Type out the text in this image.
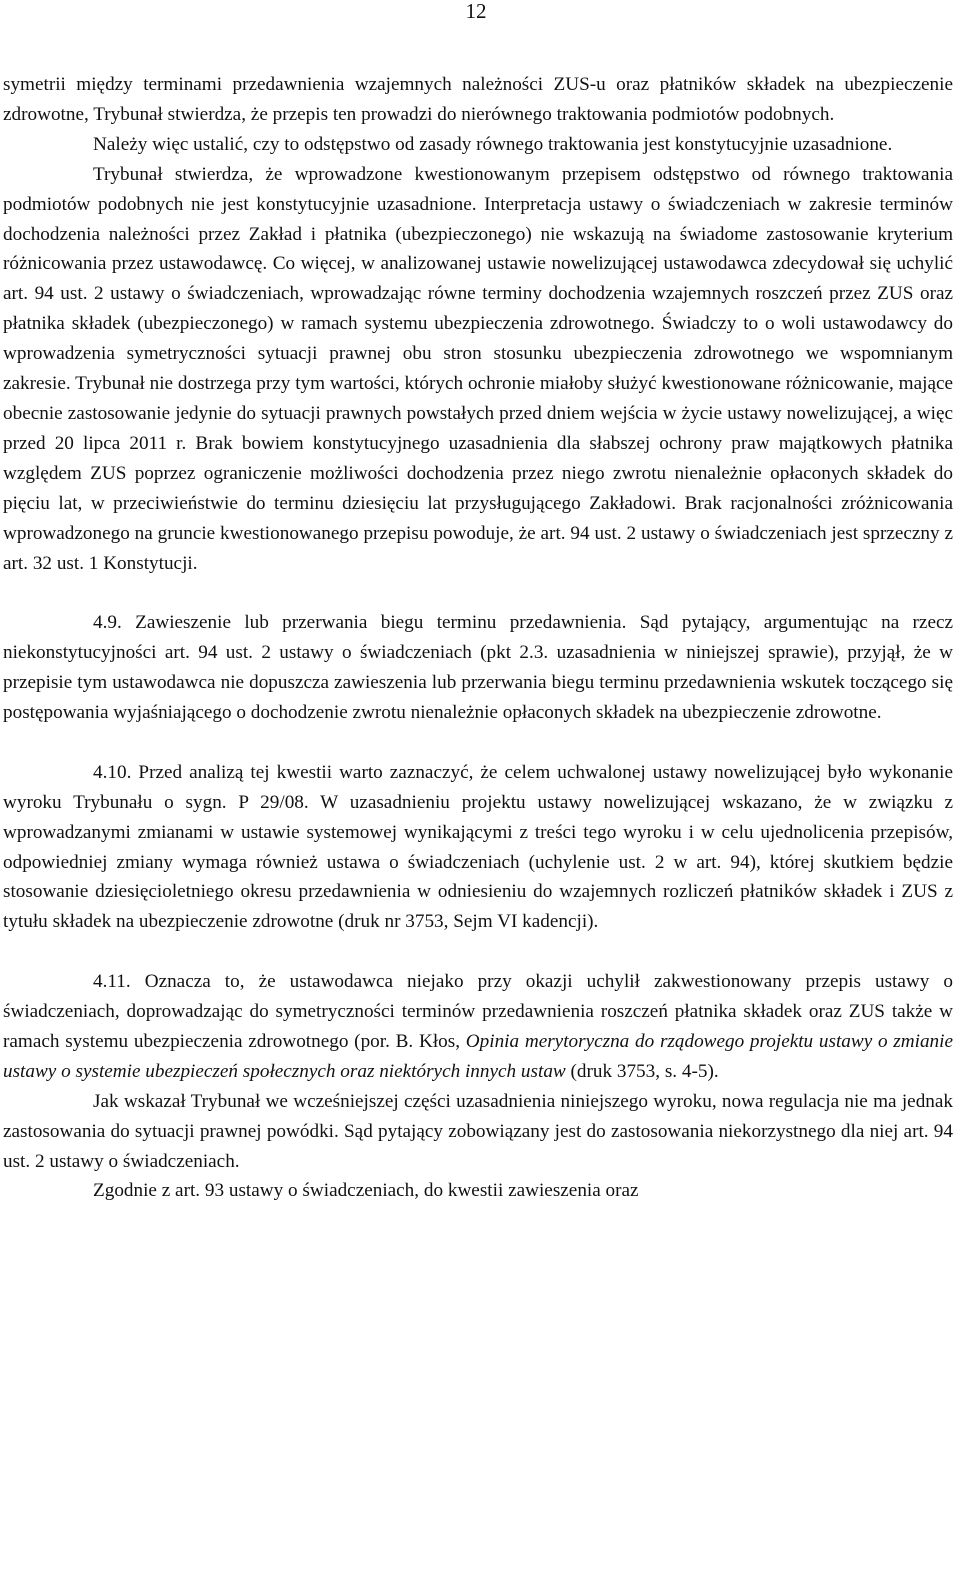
12

symetrii między terminami przedawnienia wzajemnych należności ZUS-u oraz płatników składek na ubezpieczenie zdrowotne, Trybunał stwierdza, że przepis ten prowadzi do nierównego traktowania podmiotów podobnych.

Należy więc ustalić, czy to odstępstwo od zasady równego traktowania jest konstytucyjnie uzasadnione.

Trybunał stwierdza, że wprowadzone kwestionowanym przepisem odstępstwo od równego traktowania podmiotów podobnych nie jest konstytucyjnie uzasadnione. Interpretacja ustawy o świadczeniach w zakresie terminów dochodzenia należności przez Zakład i płatnika (ubezpieczonego) nie wskazują na świadome zastosowanie kryterium różnicowania przez ustawodawcę. Co więcej, w analizowanej ustawie nowelizującej ustawodawca zdecydował się uchylić art. 94 ust. 2 ustawy o świadczeniach, wprowadzając równe terminy dochodzenia wzajemnych roszczeń przez ZUS oraz płatnika składek (ubezpieczonego) w ramach systemu ubezpieczenia zdrowotnego. Świadczy to o woli ustawodawcy do wprowadzenia symetryczności sytuacji prawnej obu stron stosunku ubezpieczenia zdrowotnego we wspomnianym zakresie. Trybunał nie dostrzega przy tym wartości, których ochronie miałoby służyć kwestionowane różnicowanie, mające obecnie zastosowanie jedynie do sytuacji prawnych powstałych przed dniem wejścia w życie ustawy nowelizującej, a więc przed 20 lipca 2011 r. Brak bowiem konstytucyjnego uzasadnienia dla słabszej ochrony praw majątkowych płatnika względem ZUS poprzez ograniczenie możliwości dochodzenia przez niego zwrotu nienależnie opłaconych składek do pięciu lat, w przeciwieństwie do terminu dziesięciu lat przysługującego Zakładowi. Brak racjonalności zróżnicowania wprowadzonego na gruncie kwestionowanego przepisu powoduje, że art. 94 ust. 2 ustawy o świadczeniach jest sprzeczny z art. 32 ust. 1 Konstytucji.

4.9. Zawieszenie lub przerwania biegu terminu przedawnienia. Sąd pytający, argumentując na rzecz niekonstytucyjności art. 94 ust. 2 ustawy o świadczeniach (pkt 2.3. uzasadnienia w niniejszej sprawie), przyjął, że w przepisie tym ustawodawca nie dopuszcza zawieszenia lub przerwania biegu terminu przedawnienia wskutek toczącego się postępowania wyjaśniającego o dochodzenie zwrotu nienależnie opłaconych składek na ubezpieczenie zdrowotne.

4.10. Przed analizą tej kwestii warto zaznaczyć, że celem uchwalonej ustawy nowelizującej było wykonanie wyroku Trybunału o sygn. P 29/08. W uzasadnieniu projektu ustawy nowelizującej wskazano, że w związku z wprowadzanymi zmianami w ustawie systemowej wynikającymi z treści tego wyroku i w celu ujednolicenia przepisów, odpowiedniej zmiany wymaga również ustawa o świadczeniach (uchylenie ust. 2 w art. 94), której skutkiem będzie stosowanie dziesięcioletniego okresu przedawnienia w odniesieniu do wzajemnych rozliczeń płatników składek i ZUS z tytułu składek na ubezpieczenie zdrowotne (druk nr 3753, Sejm VI kadencji).

4.11. Oznacza to, że ustawodawca niejako przy okazji uchylił zakwestionowany przepis ustawy o świadczeniach, doprowadzając do symetryczności terminów przedawnienia roszczeń płatnika składek oraz ZUS także w ramach systemu ubezpieczenia zdrowotnego (por. B. Kłos, Opinia merytoryczna do rządowego projektu ustawy o zmianie ustawy o systemie ubezpieczeń społecznych oraz niektórych innych ustaw (druk 3753, s. 4-5).

Jak wskazał Trybunał we wcześniejszej części uzasadnienia niniejszego wyroku, nowa regulacja nie ma jednak zastosowania do sytuacji prawnej powódki. Sąd pytający zobowiązany jest do zastosowania niekorzystnego dla niej art. 94 ust. 2 ustawy o świadczeniach.

Zgodnie z art. 93 ustawy o świadczeniach, do kwestii zawieszenia oraz
